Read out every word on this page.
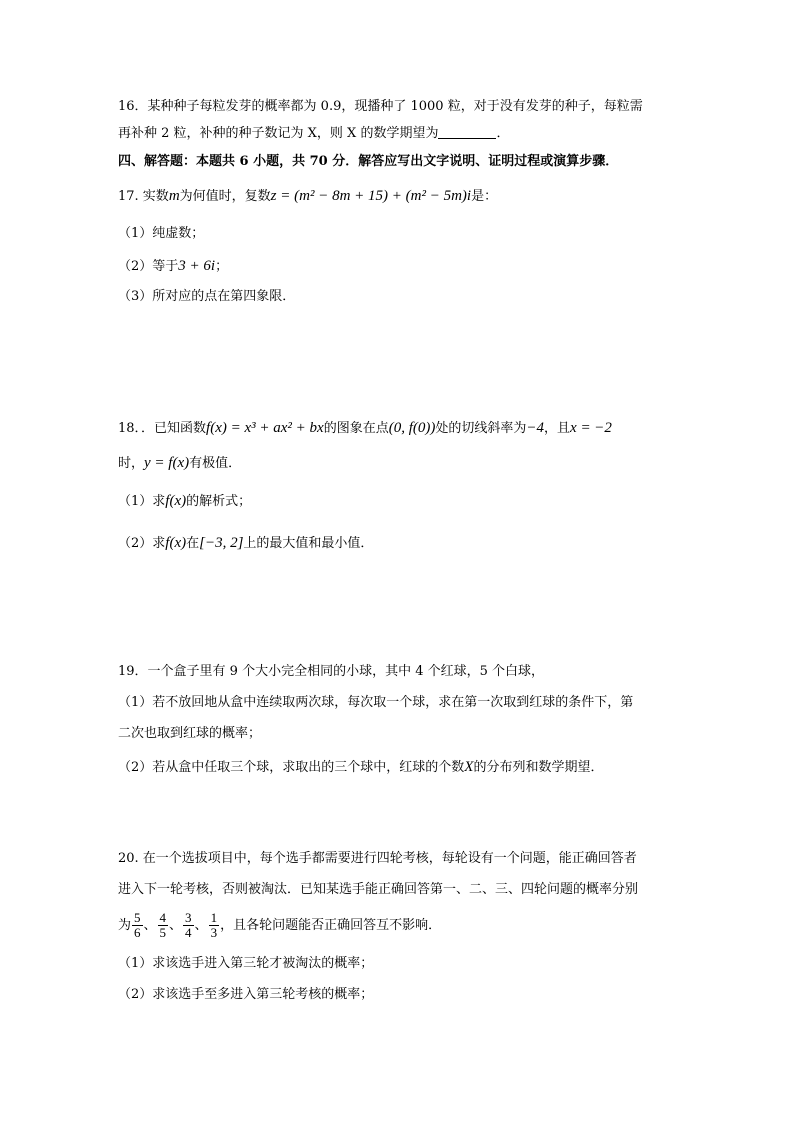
16．某种种子每粒发芽的概率都为 0.9，现播种了 1000 粒，对于没有发芽的种子，每粒需
再补种 2 粒，补种的种子数记为 X，则 X 的数学期望为	．
四、解答题：本题共 6 小题，共 70 分．解答应写出文字说明、证明过程或演算步骤．
17. 实数m为何值时，复数z = (m² − 8m + 15) + (m² − 5m)i是：
（1）纯虚数；
（2）等于3 + 6i；
（3）所对应的点在第四象限．
18．．已知函数f(x) = x³ + ax² + bx的图象在点(0, f(0))处的切线斜率为−4，且x = −2
时，y = f(x)有极值．
（1）求f(x)的解析式；
（2）求f(x)在[−3, 2]上的最大值和最小值．
19．一个盒子里有 9 个大小完全相同的小球，其中 4 个红球，5 个白球，
（1）若不放回地从盒中连续取两次球，每次取一个球，求在第一次取到红球的条件下，第
二次也取到红球的概率；
（2）若从盒中任取三个球，求取出的三个球中，红球的个数X的分布列和数学期望．
20. 在一个选拔项目中，每个选手都需要进行四轮考核，每轮设有一个问题，能正确回答者
进入下一轮考核，否则被淘汰．已知某选手能正确回答第一、二、三、四轮问题的概率分别
为 $\frac{5}{6}$ 、 $\frac{4}{5}$ 、 $\frac{3}{4}$ 、 $\frac{1}{3}$ ，且各轮问题能否正确回答互不影响．
（1）求该选手进入第三轮才被淘汰的概率；
（2）求该选手至多进入第三轮考核的概率；
